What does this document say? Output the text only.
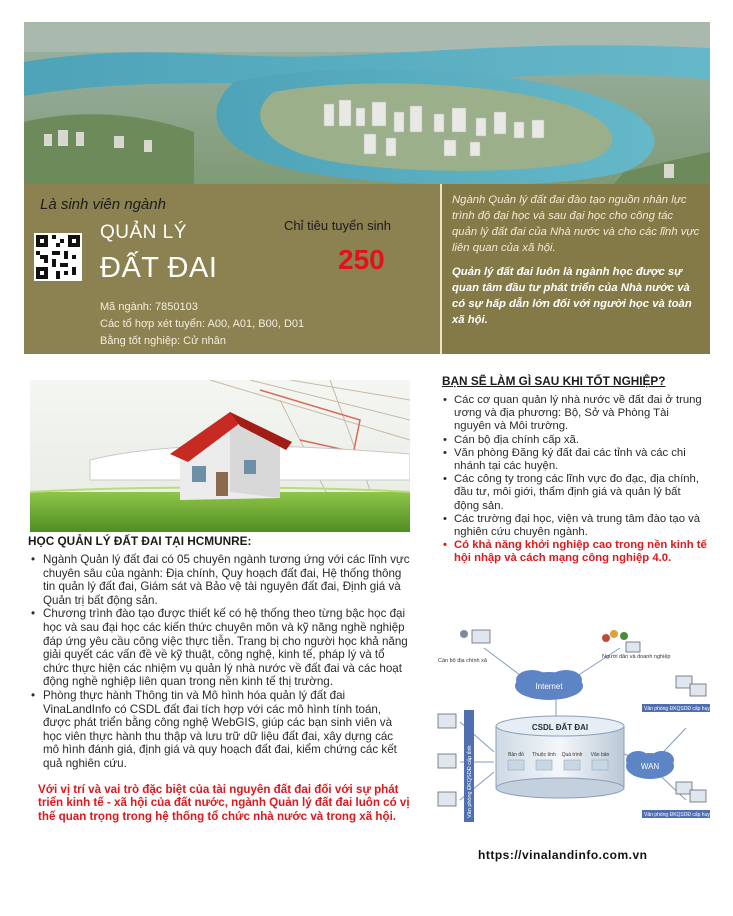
Là sinh viên ngành
QUẢN LÝ
ĐẤT ĐAI
Chỉ tiêu tuyển sinh
250
Mã ngành: 7850103
Các tổ hợp xét tuyển: A00, A01, B00, D01
Bằng tốt nghiệp: Cử nhân

Ngành Quản lý đất đai đào tạo nguồn nhân lực trình độ đại học và sau đại học cho công tác quản lý đất đai của Nhà nước và cho các lĩnh vực liên quan của xã hội.

Quản lý đất đai luôn là ngành học được sự quan tâm đầu tư phát triển của Nhà nước và có sự hấp dẫn lớn đối với người học và toàn xã hội.

HỌC QUẢN LÝ ĐẤT ĐAI TẠI HCMUNRE:
• Ngành Quản lý đất đai có 05 chuyên ngành tương ứng với các lĩnh vực chuyên sâu của ngành: Địa chính, Quy hoạch đất đai, Hệ thống thông tin quản lý đất đai, Giám sát và Bảo vệ tài nguyên đất đai, Định giá và Quản trị bất động sản.
• Chương trình đào tạo được thiết kế có hệ thống theo từng bậc học đại học và sau đại học các kiến thức chuyên môn và kỹ năng nghề nghiệp đáp ứng yêu cầu công việc thực tiễn. Trang bị cho người học khả năng giải quyết các vấn đề về kỹ thuật, công nghệ, kinh tế, pháp lý và tổ chức thực hiện các nhiệm vụ quản lý nhà nước về đất đai và các hoạt động nghề nghiệp liên quan trong nền kinh tế thị trường.
• Phòng thực hành Thông tin và Mô hình hóa quản lý đất đai VinaLandInfo có CSDL đất đai tích hợp với các mô hình tính toán, được phát triển bằng công nghệ WebGIS, giúp các bạn sinh viên và học viên thực hành thu thập và lưu trữ dữ liệu đất đai, xây dựng các mô hình đánh giá, định giá và quy hoạch đất đai, kiểm chứng các kết quả nghiên cứu.
Với vị trí và vai trò đặc biệt của tài nguyên đất đai đối với sự phát triển kinh tế - xã hội của đất nước, ngành Quản lý đất đai luôn có vị thế quan trọng trong hệ thống tổ chức nhà nước và trong xã hội.
BẠN SẼ LÀM GÌ SAU KHI TỐT NGHIỆP?
• Các cơ quan quản lý nhà nước về đất đai ở trung ương và địa phương: Bộ, Sở và Phòng Tài nguyên và Môi trường.
• Cán bộ địa chính cấp xã.
• Văn phòng Đăng ký đất đai các tỉnh và các chi nhánh tại các huyện.
• Các công ty trong các lĩnh vực đo đạc, địa chính, đầu tư, môi giới, thẩm định giá và quản lý bất động sản.
• Các trường đại học, viện và trung tâm đào tạo và nghiên cứu chuyên ngành.
• Có khả năng khởi nghiệp cao trong nền kinh tế hội nhập và cách mạng công nghiệp 4.0.
Cán bộ địa chính xã
Người dân và doanh nghiệp
Internet
CSDL ĐẤT ĐAI
Bản đồ Thuộc tính Quá trình Văn bản
WAN
Văn phòng ĐKQSDĐ cấp tỉnh
Văn phòng ĐKQSDĐ cấp huyện
Văn phòng ĐKQSDĐ cấp huyện
https://vinalandinfo.com.vn
